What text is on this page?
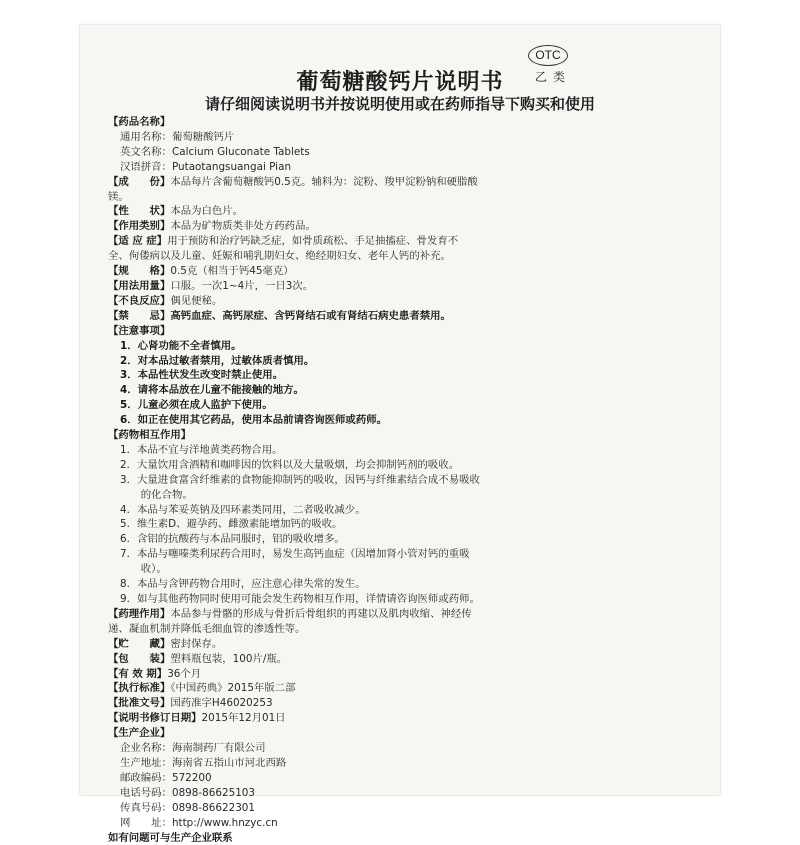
OTC
乙类
葡萄糖酸钙片说明书
请仔细阅读说明书并按说明使用或在药师指导下购买和使用
【药品名称】
通用名称：葡萄糖酸钙片
英文名称：Calcium Gluconate Tablets
汉语拼音：Putaotangsuangai Pian
【成　　份】本品每片含葡萄糖酸钙0.5克。辅料为：淀粉、羧甲淀粉钠和硬脂酸
镁。
【性　　状】本品为白色片。
【作用类别】本品为矿物质类非处方药药品。
【适 应 症】用于预防和治疗钙缺乏症，如骨质疏松、手足抽搐症、骨发育不
全、佝偻病以及儿童、妊娠和哺乳期妇女、绝经期妇女、老年人钙的补充。
【规　　格】0.5克（相当于钙45毫克）
【用法用量】口服。一次1~4片，一日3次。
【不良反应】偶见便秘。
【禁　　忌】高钙血症、高钙尿症、含钙肾结石或有肾结石病史患者禁用。
【注意事项】
1．心肾功能不全者慎用。
2．对本品过敏者禁用，过敏体质者慎用。
3．本品性状发生改变时禁止使用。
4．请将本品放在儿童不能接触的地方。
5．儿童必须在成人监护下使用。
6．如正在使用其它药品，使用本品前请咨询医师或药师。
【药物相互作用】
1．本品不宜与洋地黄类药物合用。
2．大量饮用含酒精和咖啡因的饮料以及大量吸烟，均会抑制钙剂的吸收。
3．大量进食富含纤维素的食物能抑制钙的吸收，因钙与纤维素结合成不易吸收
　　的化合物。
4．本品与苯妥英钠及四环素类同用，二者吸收减少。
5．维生素D、避孕药、雌激素能增加钙的吸收。
6．含铝的抗酸药与本品同服时，铝的吸收增多。
7．本品与噻嗪类利尿药合用时，易发生高钙血症（因增加肾小管对钙的重吸
　　收）。
8．本品与含钾药物合用时，应注意心律失常的发生。
9．如与其他药物同时使用可能会发生药物相互作用，详情请咨询医师或药师。
【药理作用】本品参与骨骼的形成与骨折后骨组织的再建以及肌肉收缩、神经传
递、凝血机制并降低毛细血管的渗透性等。
【贮　　藏】密封保存。
【包　　装】塑料瓶包装，100片/瓶。
【有 效 期】36个月
【执行标准】《中国药典》2015年版二部
【批准文号】国药准字H46020253
【说明书修订日期】2015年12月01日
【生产企业】
企业名称：海南制药厂有限公司
生产地址：海南省五指山市河北西路
邮政编码：572200
电话号码：0898-86625103
传真号码：0898-86622301
网　　址：http://www.hnzyc.cn
如有问题可与生产企业联系
